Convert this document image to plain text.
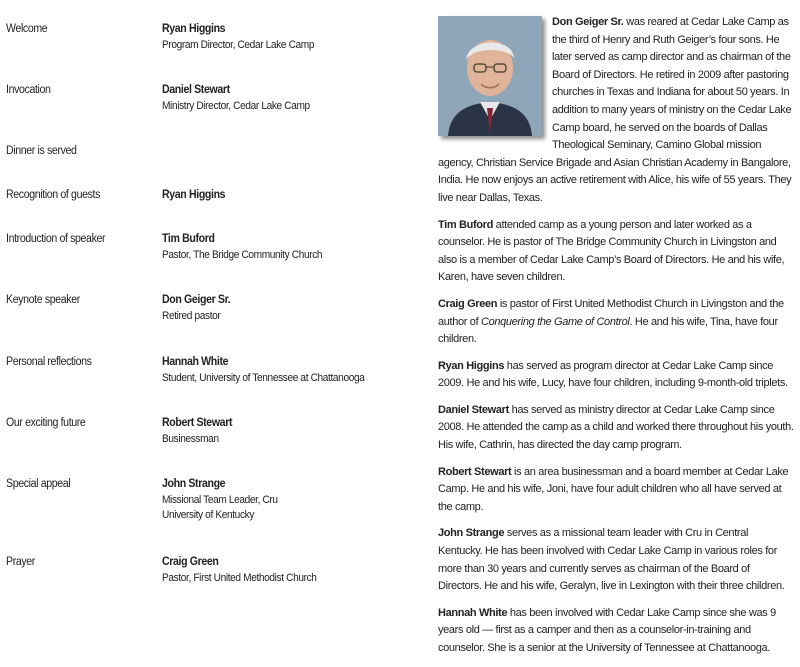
Welcome	Ryan Higgins
Program Director, Cedar Lake Camp
Invocation	Daniel Stewart
Ministry Director, Cedar Lake Camp
Dinner is served
Recognition of guests	Ryan Higgins
Introduction of speaker	Tim Buford
Pastor, The Bridge Community Church
Keynote speaker	Don Geiger Sr.
Retired pastor
Personal reflections	Hannah White
Student, University of Tennessee at Chattanooga
Our exciting future	Robert Stewart
Businessman
Special appeal	John Strange
Missional Team Leader, Cru
University of Kentucky
Prayer	Craig Green
Pastor, First United Methodist Church

Don Geiger Sr. was reared at Cedar Lake Camp as the third of Henry and Ruth Geiger’s four sons. He later served as camp director and as chairman of the Board of Directors. He retired in 2009 after pastoring churches in Texas and Indiana for about 50 years. In addition to many years of ministry on the Cedar Lake Camp board, he served on the boards of Dallas Theological Seminary, Camino Global mission agency, Christian Service Brigade and Asian Christian Academy in Bangalore, India. He now enjoys an active retirement with Alice, his wife of 55 years. They live near Dallas, Texas.

Tim Buford attended camp as a young person and later worked as a counselor. He is pastor of The Bridge Community Church in Livingston and also is a member of Cedar Lake Camp’s Board of Directors. He and his wife, Karen, have seven children.

Craig Green is pastor of First United Methodist Church in Livingston and the author of Conquering the Game of Control. He and his wife, Tina, have four children.

Ryan Higgins has served as program director at Cedar Lake Camp since 2009. He and his wife, Lucy, have four children, including 9-month-old triplets.

Daniel Stewart has served as ministry director at Cedar Lake Camp since 2008. He attended the camp as a child and worked there throughout his youth. His wife, Cathrin, has directed the day camp program.

Robert Stewart is an area businessman and a board member at Cedar Lake Camp. He and his wife, Joni, have four adult children who all have served at the camp.

John Strange serves as a missional team leader with Cru in Central Kentucky. He has been involved with Cedar Lake Camp in various roles for more than 30 years and currently serves as chairman of the Board of Directors. He and his wife, Geralyn, live in Lexington with their three children.

Hannah White has been involved with Cedar Lake Camp since she was 9 years old — first as a camper and then as a counselor-in-training and counselor. She is a senior at the University of Tennessee at Chattanooga.
